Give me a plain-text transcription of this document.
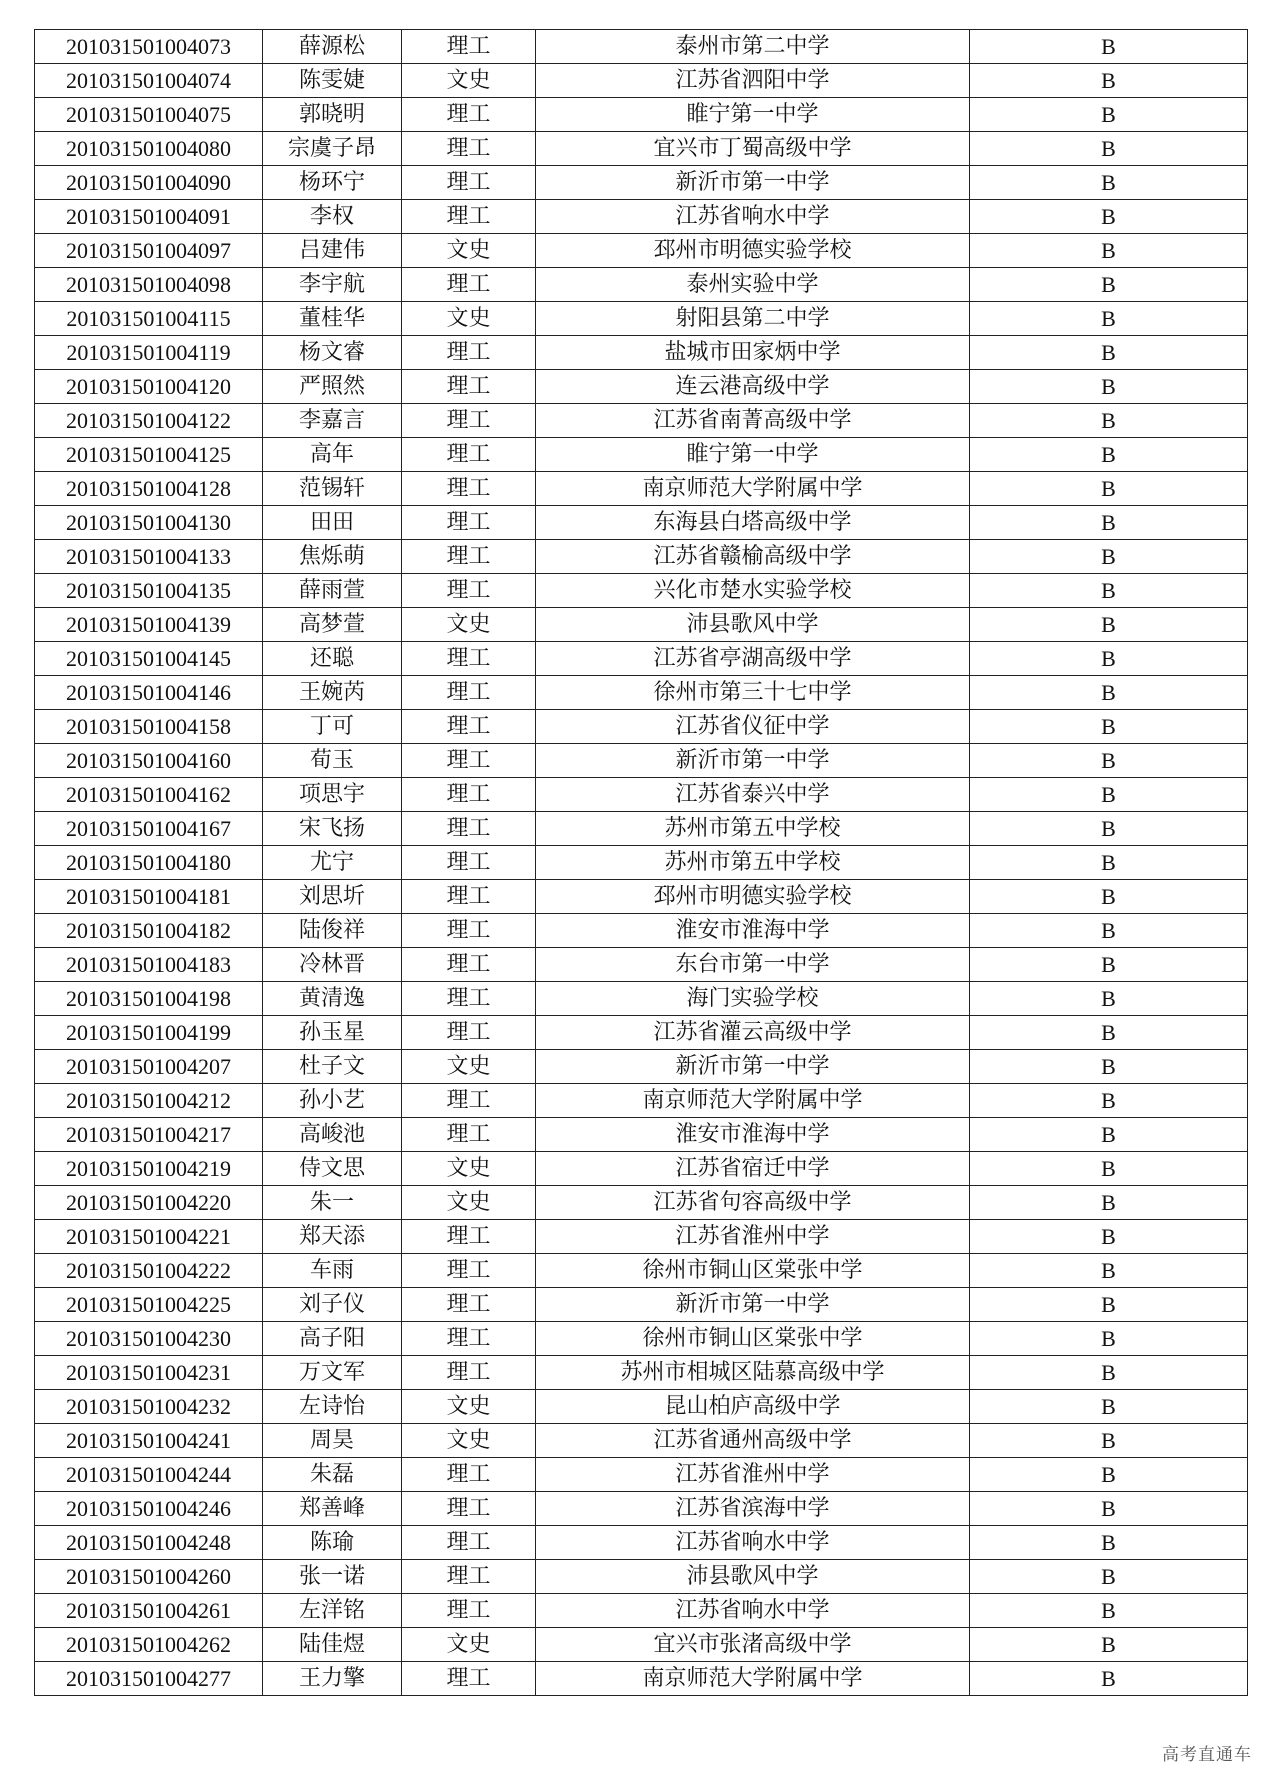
201031501004073	薛源松	理工	泰州市第二中学	B
201031501004074	陈雯婕	文史	江苏省泗阳中学	B
201031501004075	郭晓明	理工	睢宁第一中学	B
201031501004080	宗虞子昂	理工	宜兴市丁蜀高级中学	B
201031501004090	杨环宁	理工	新沂市第一中学	B
201031501004091	李权	理工	江苏省响水中学	B
201031501004097	吕建伟	文史	邳州市明德实验学校	B
201031501004098	李宇航	理工	泰州实验中学	B
201031501004115	董桂华	文史	射阳县第二中学	B
201031501004119	杨文睿	理工	盐城市田家炳中学	B
201031501004120	严照然	理工	连云港高级中学	B
201031501004122	李嘉言	理工	江苏省南菁高级中学	B
201031501004125	高年	理工	睢宁第一中学	B
201031501004128	范锡轩	理工	南京师范大学附属中学	B
201031501004130	田田	理工	东海县白塔高级中学	B
201031501004133	焦烁萌	理工	江苏省赣榆高级中学	B
201031501004135	薛雨萱	理工	兴化市楚水实验学校	B
201031501004139	高梦萱	文史	沛县歌风中学	B
201031501004145	还聪	理工	江苏省亭湖高级中学	B
201031501004146	王婉芮	理工	徐州市第三十七中学	B
201031501004158	丁可	理工	江苏省仪征中学	B
201031501004160	荀玉	理工	新沂市第一中学	B
201031501004162	项思宇	理工	江苏省泰兴中学	B
201031501004167	宋飞扬	理工	苏州市第五中学校	B
201031501004180	尤宁	理工	苏州市第五中学校	B
201031501004181	刘思圻	理工	邳州市明德实验学校	B
201031501004182	陆俊祥	理工	淮安市淮海中学	B
201031501004183	冷林晋	理工	东台市第一中学	B
201031501004198	黄清逸	理工	海门实验学校	B
201031501004199	孙玉星	理工	江苏省灌云高级中学	B
201031501004207	杜子文	文史	新沂市第一中学	B
201031501004212	孙小艺	理工	南京师范大学附属中学	B
201031501004217	高峻池	理工	淮安市淮海中学	B
201031501004219	侍文思	文史	江苏省宿迁中学	B
201031501004220	朱一	文史	江苏省句容高级中学	B
201031501004221	郑天添	理工	江苏省淮州中学	B
201031501004222	车雨	理工	徐州市铜山区棠张中学	B
201031501004225	刘子仪	理工	新沂市第一中学	B
201031501004230	高子阳	理工	徐州市铜山区棠张中学	B
201031501004231	万文军	理工	苏州市相城区陆慕高级中学	B
201031501004232	左诗怡	文史	昆山柏庐高级中学	B
201031501004241	周昊	文史	江苏省通州高级中学	B
201031501004244	朱磊	理工	江苏省淮州中学	B
201031501004246	郑善峰	理工	江苏省滨海中学	B
201031501004248	陈瑜	理工	江苏省响水中学	B
201031501004260	张一诺	理工	沛县歌风中学	B
201031501004261	左洋铭	理工	江苏省响水中学	B
201031501004262	陆佳煜	文史	宜兴市张渚高级中学	B
201031501004277	王力擎	理工	南京师范大学附属中学	B
高考直通车
